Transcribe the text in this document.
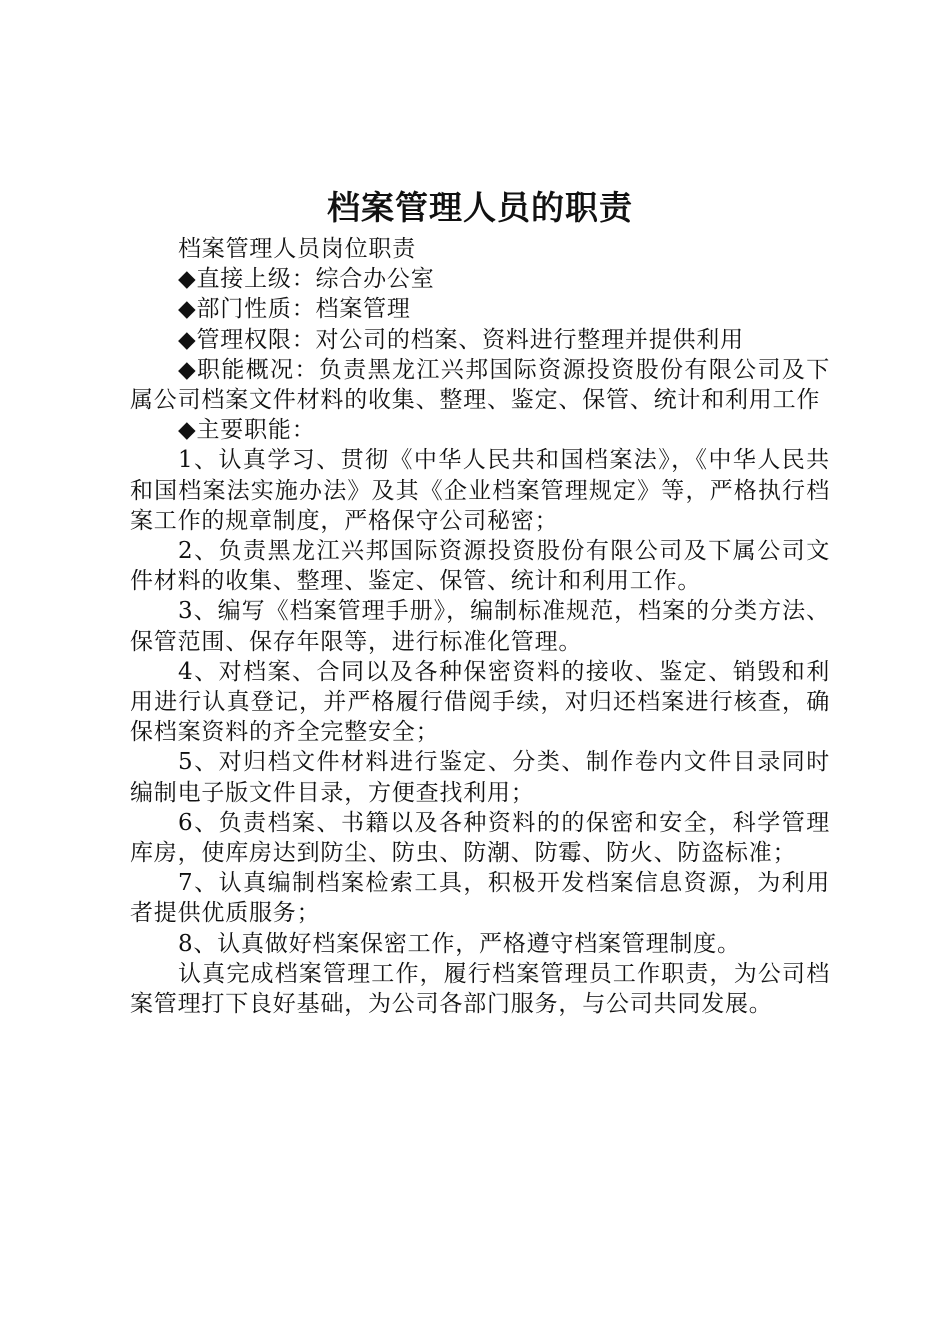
档案管理人员的职责

档案管理人员岗位职责

◆直接上级：综合办公室

◆部门性质：档案管理

◆管理权限：对公司的档案、资料进行整理并提供利用

◆职能概况：负责黑龙江兴邦国际资源投资股份有限公司及下属公司档案文件材料的收集、整理、鉴定、保管、统计和利用工作

◆主要职能：

1、认真学习、贯彻《中华人民共和国档案法》，《中华人民共和国档案法实施办法》及其《企业档案管理规定》等，严格执行档案工作的规章制度，严格保守公司秘密；

2、负责黑龙江兴邦国际资源投资股份有限公司及下属公司文件材料的收集、整理、鉴定、保管、统计和利用工作。

3、编写《档案管理手册》，编制标准规范，档案的分类方法、保管范围、保存年限等，进行标准化管理。

4、对档案、合同以及各种保密资料的接收、鉴定、销毁和利用进行认真登记，并严格履行借阅手续，对归还档案进行核查，确保档案资料的齐全完整安全；

5、对归档文件材料进行鉴定、分类、制作卷内文件目录同时编制电子版文件目录，方便查找利用；

6、负责档案、书籍以及各种资料的的保密和安全，科学管理库房，使库房达到防尘、防虫、防潮、防霉、防火、防盗标准；

7、认真编制档案检索工具，积极开发档案信息资源，为利用者提供优质服务；

8、认真做好档案保密工作，严格遵守档案管理制度。

认真完成档案管理工作，履行档案管理员工作职责，为公司档案管理打下良好基础，为公司各部门服务，与公司共同发展。
